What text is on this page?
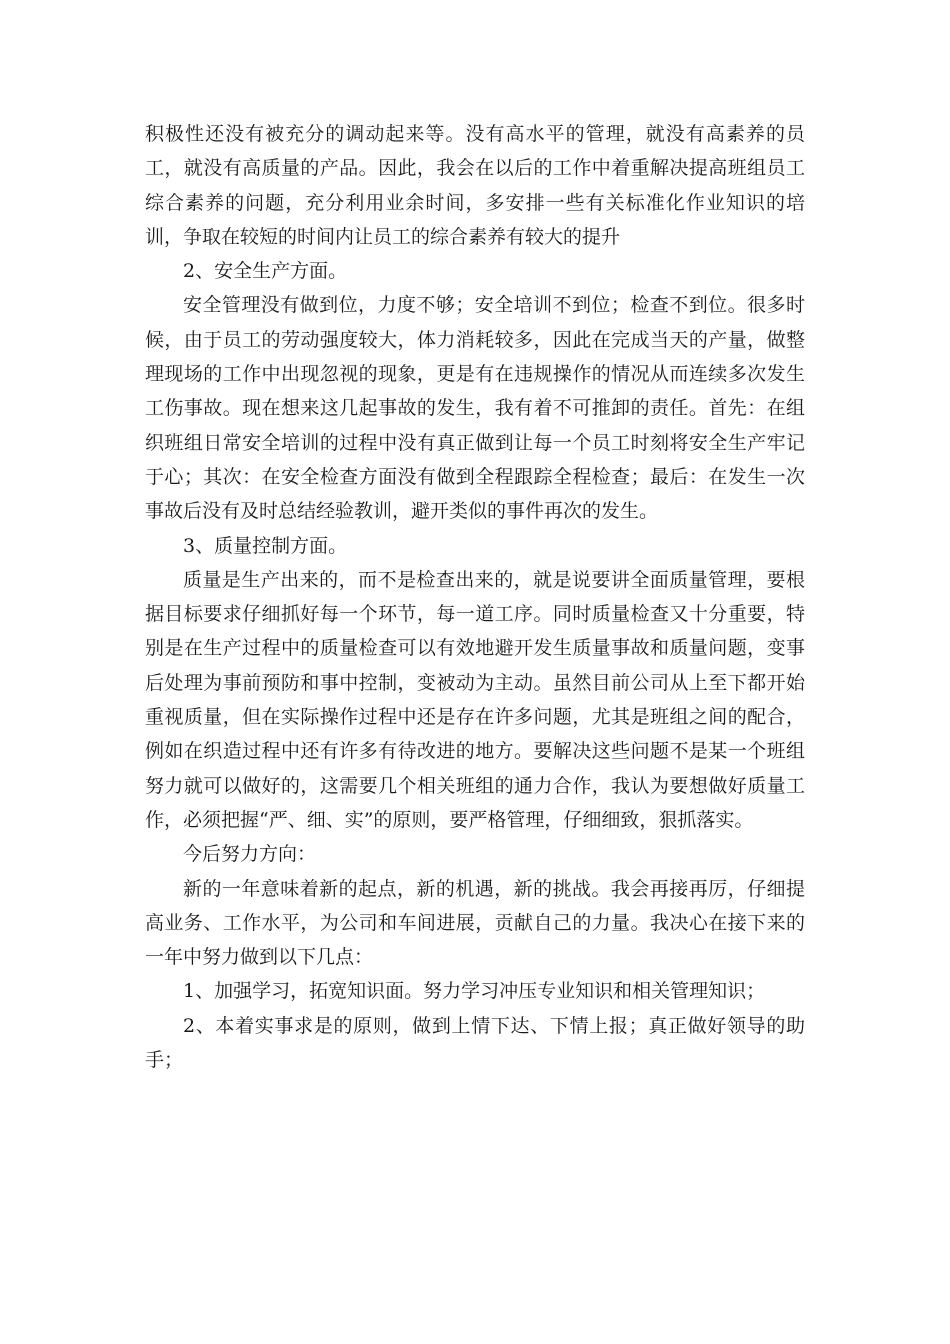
积极性还没有被充分的调动起来等。没有高水平的管理，就没有高素养的员工，就没有高质量的产品。因此，我会在以后的工作中着重解决提高班组员工综合素养的问题，充分利用业余时间，多安排一些有关标准化作业知识的培训，争取在较短的时间内让员工的综合素养有较大的提升

2、安全生产方面。

安全管理没有做到位，力度不够；安全培训不到位；检查不到位。很多时候，由于员工的劳动强度较大，体力消耗较多，因此在完成当天的产量，做整理现场的工作中出现忽视的现象，更是有在违规操作的情况从而连续多次发生工伤事故。现在想来这几起事故的发生，我有着不可推卸的责任。首先：在组织班组日常安全培训的过程中没有真正做到让每一个员工时刻将安全生产牢记于心；其次：在安全检查方面没有做到全程跟踪全程检查；最后：在发生一次事故后没有及时总结经验教训，避开类似的事件再次的发生。

3、质量控制方面。

质量是生产出来的，而不是检查出来的，就是说要讲全面质量管理，要根据目标要求仔细抓好每一个环节，每一道工序。同时质量检查又十分重要，特别是在生产过程中的质量检查可以有效地避开发生质量事故和质量问题，变事后处理为事前预防和事中控制，变被动为主动。虽然目前公司从上至下都开始重视质量，但在实际操作过程中还是存在许多问题，尤其是班组之间的配合，例如在织造过程中还有许多有待改进的地方。要解决这些问题不是某一个班组努力就可以做好的，这需要几个相关班组的通力合作，我认为要想做好质量工作，必须把握“严、细、实”的原则，要严格管理，仔细细致，狠抓落实。

今后努力方向：

新的一年意味着新的起点，新的机遇，新的挑战。我会再接再厉，仔细提高业务、工作水平，为公司和车间进展，贡献自己的力量。我决心在接下来的一年中努力做到以下几点：

1、加强学习，拓宽知识面。努力学习冲压专业知识和相关管理知识；

2、本着实事求是的原则，做到上情下达、下情上报；真正做好领导的助手；
